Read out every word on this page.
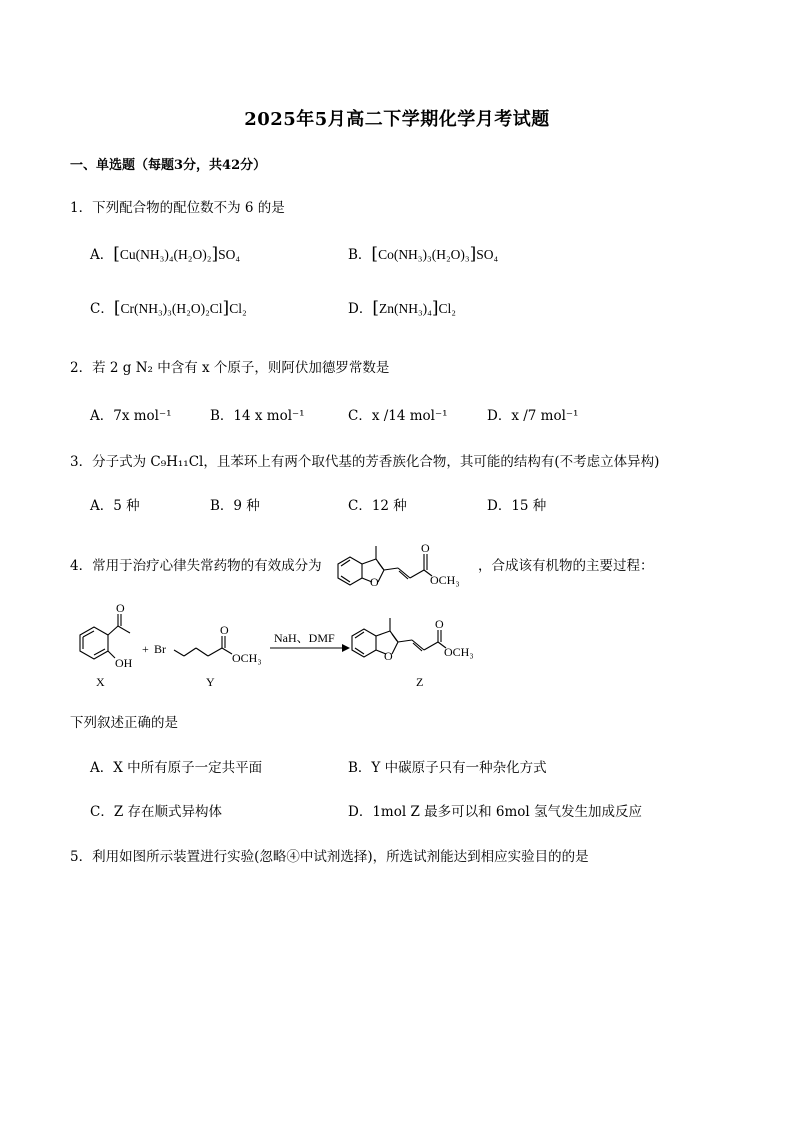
2025年5月高二下学期化学月考试题
一、单选题（每题3分，共42分）
1．下列配合物的配位数不为 6 的是
A．[Cu(NH₃)₄(H₂O)₂]SO₄	B．[Co(NH₃)₃(H₂O)₃]SO₄
C．[Cr(NH₃)₃(H₂O)₂Cl]Cl₂	D．[Zn(NH₃)₄]Cl₂
2．若 2 g N₂ 中含有 x 个原子，则阿伏加德罗常数是
A．7x mol⁻¹	B．14 x mol⁻¹	C．x /14 mol⁻¹	D．x /7 mol⁻¹
3．分子式为 C₉H₁₁Cl，且苯环上有两个取代基的芳香族化合物，其可能的结构有(不考虑立体异构)
A．5 种	B．9 种	C．12 种	D．15 种
4．常用于治疗心律失常药物的有效成分为
O
O
OCH₃
，合成该有机物的主要过程：
O
OH
+ Br
O
OCH₃
NaH、DMF
O
O
OCH₃
X	Y	Z
下列叙述正确的是
A．X 中所有原子一定共平面	B．Y 中碳原子只有一种杂化方式
C．Z 存在顺式异构体	D．1mol Z 最多可以和 6mol 氢气发生加成反应
5．利用如图所示装置进行实验(忽略④中试剂选择)，所选试剂能达到相应实验目的的是
